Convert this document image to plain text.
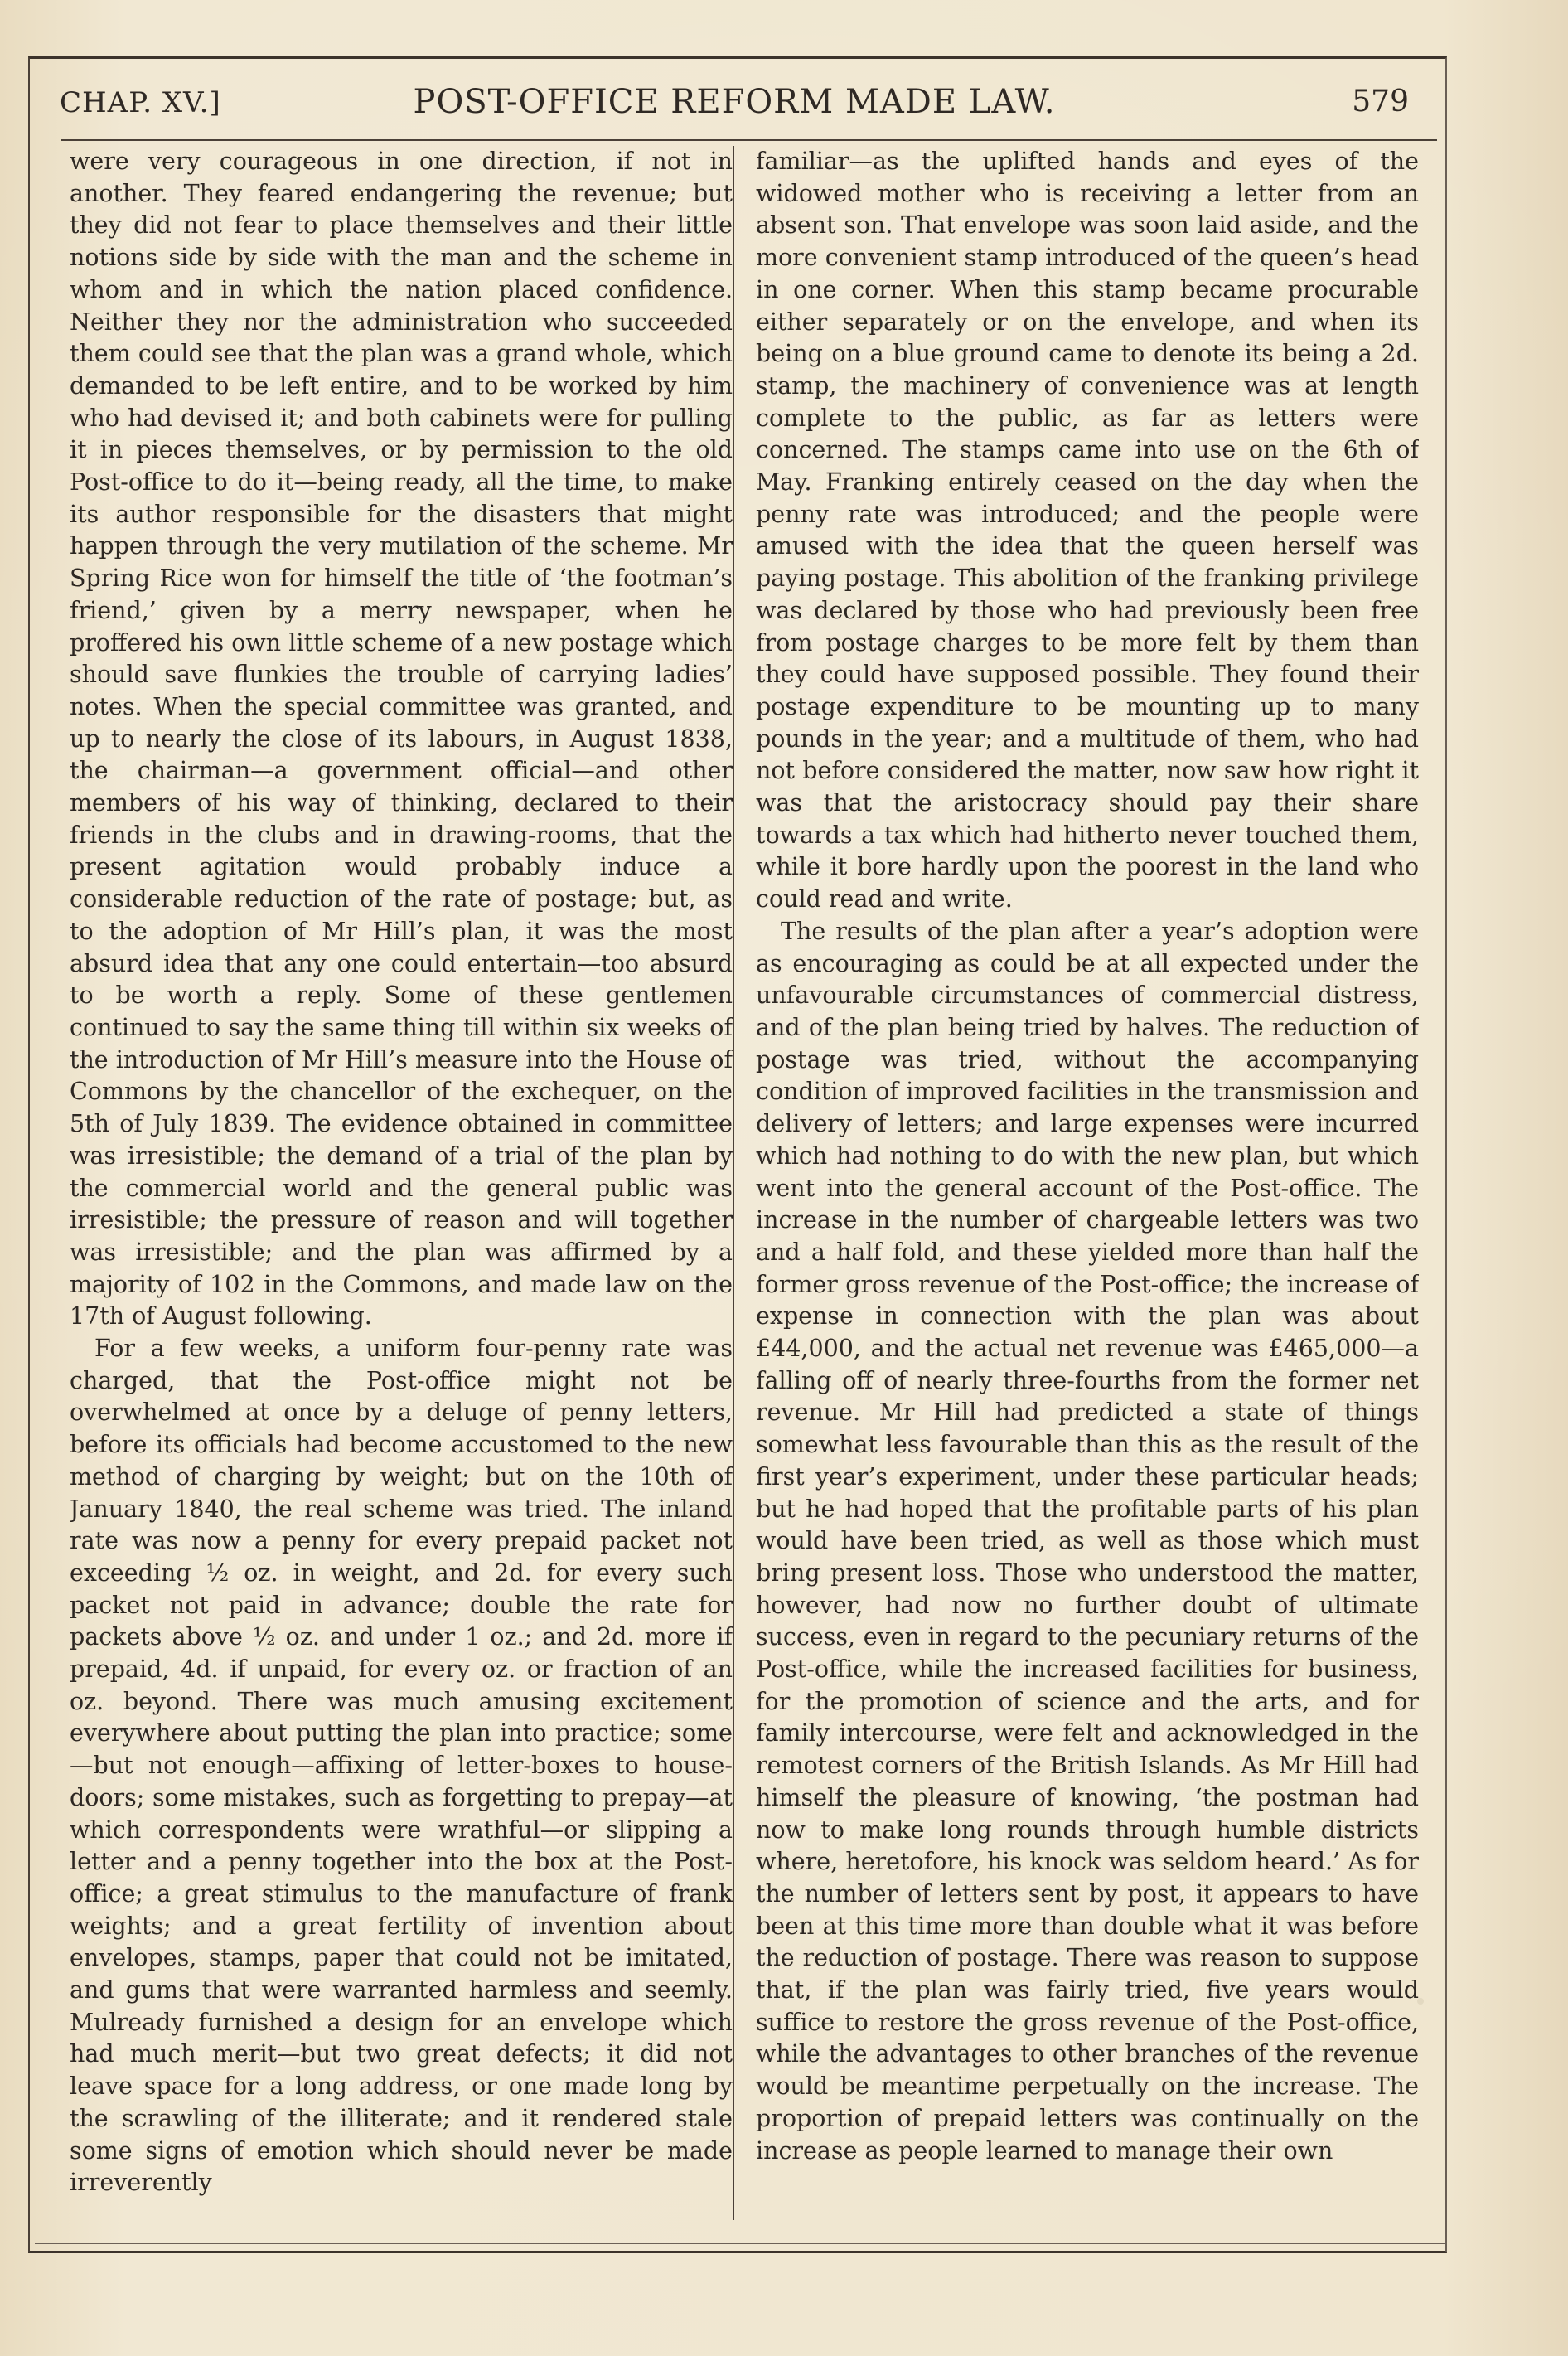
CHAP. XV.]	POST-OFFICE REFORM MADE LAW.	579

were very courageous in one direction, if not in another. They feared endangering the revenue; but they did not fear to place themselves and their little notions side by side with the man and the scheme in whom and in which the nation placed confidence. Neither they nor the administration who succeeded them could see that the plan was a grand whole, which demanded to be left entire, and to be worked by him who had devised it; and both cabinets were for pulling it in pieces themselves, or by permission to the old Post-office to do it—being ready, all the time, to make its author responsible for the disasters that might happen through the very mutilation of the scheme. Mr Spring Rice won for himself the title of ‘the footman’s friend,’ given by a merry newspaper, when he proffered his own little scheme of a new postage which should save flunkies the trouble of carrying ladies’ notes. When the special committee was granted, and up to nearly the close of its labours, in August 1838, the chairman—a government official—and other members of his way of thinking, declared to their friends in the clubs and in drawing-rooms, that the present agitation would probably induce a considerable reduction of the rate of postage; but, as to the adoption of Mr Hill’s plan, it was the most absurd idea that any one could entertain—too absurd to be worth a reply. Some of these gentlemen continued to say the same thing till within six weeks of the introduction of Mr Hill’s measure into the House of Commons by the chancellor of the exchequer, on the 5th of July 1839. The evidence obtained in committee was irresistible; the demand of a trial of the plan by the commercial world and the general public was irresistible; the pressure of reason and will together was irresistible; and the plan was affirmed by a majority of 102 in the Commons, and made law on the 17th of August following.

For a few weeks, a uniform four-penny rate was charged, that the Post-office might not be overwhelmed at once by a deluge of penny letters, before its officials had become accustomed to the new method of charging by weight; but on the 10th of January 1840, the real scheme was tried. The inland rate was now a penny for every prepaid packet not exceeding ½ oz. in weight, and 2d. for every such packet not paid in advance; double the rate for packets above ½ oz. and under 1 oz.; and 2d. more if prepaid, 4d. if unpaid, for every oz. or fraction of an oz. beyond. There was much amusing excitement everywhere about putting the plan into practice; some—but not enough—affixing of letter-boxes to house-doors; some mistakes, such as forgetting to prepay—at which correspondents were wrathful—or slipping a letter and a penny together into the box at the Post-office; a great stimulus to the manufacture of frank weights; and a great fertility of invention about envelopes, stamps, paper that could not be imitated, and gums that were warranted harmless and seemly. Mulready furnished a design for an envelope which had much merit—but two great defects; it did not leave space for a long address, or one made long by the scrawling of the illiterate; and it rendered stale some signs of emotion which should never be made irreverently

familiar—as the uplifted hands and eyes of the widowed mother who is receiving a letter from an absent son. That envelope was soon laid aside, and the more convenient stamp introduced of the queen’s head in one corner. When this stamp became procurable either separately or on the envelope, and when its being on a blue ground came to denote its being a 2d. stamp, the machinery of convenience was at length complete to the public, as far as letters were concerned. The stamps came into use on the 6th of May. Franking entirely ceased on the day when the penny rate was introduced; and the people were amused with the idea that the queen herself was paying postage. This abolition of the franking privilege was declared by those who had previously been free from postage charges to be more felt by them than they could have supposed possible. They found their postage expenditure to be mounting up to many pounds in the year; and a multitude of them, who had not before considered the matter, now saw how right it was that the aristocracy should pay their share towards a tax which had hitherto never touched them, while it bore hardly upon the poorest in the land who could read and write.

The results of the plan after a year’s adoption were as encouraging as could be at all expected under the unfavourable circumstances of commercial distress, and of the plan being tried by halves. The reduction of postage was tried, without the accompanying condition of improved facilities in the transmission and delivery of letters; and large expenses were incurred which had nothing to do with the new plan, but which went into the general account of the Post-office. The increase in the number of chargeable letters was two and a half fold, and these yielded more than half the former gross revenue of the Post-office; the increase of expense in connection with the plan was about £44,000, and the actual net revenue was £465,000—a falling off of nearly three-fourths from the former net revenue. Mr Hill had predicted a state of things somewhat less favourable than this as the result of the first year’s experiment, under these particular heads; but he had hoped that the profitable parts of his plan would have been tried, as well as those which must bring present loss. Those who understood the matter, however, had now no further doubt of ultimate success, even in regard to the pecuniary returns of the Post-office, while the increased facilities for business, for the promotion of science and the arts, and for family intercourse, were felt and acknowledged in the remotest corners of the British Islands. As Mr Hill had himself the pleasure of knowing, ‘the postman had now to make long rounds through humble districts where, heretofore, his knock was seldom heard.’ As for the number of letters sent by post, it appears to have been at this time more than double what it was before the reduction of postage. There was reason to suppose that, if the plan was fairly tried, five years would suffice to restore the gross revenue of the Post-office, while the advantages to other branches of the revenue would be meantime perpetually on the increase. The proportion of prepaid letters was continually on the increase as people learned to manage their own
